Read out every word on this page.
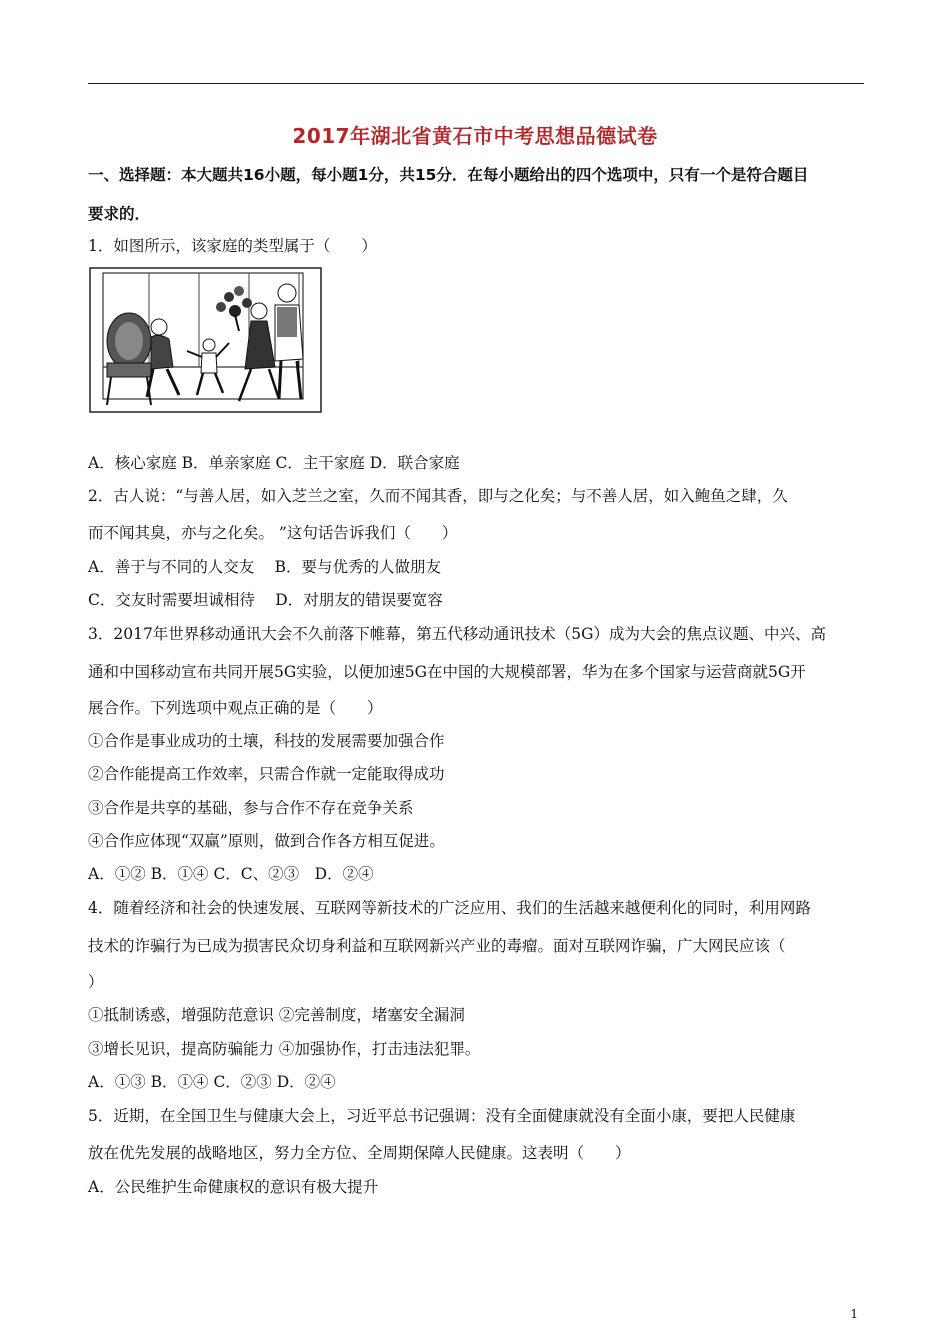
2017年湖北省黄石市中考思想品德试卷
一、选择题：本大题共16小题，每小题1分，共15分．在每小题给出的四个选项中，只有一个是符合题目
要求的．
1．如图所示，该家庭的类型属于（　　）
A．核心家庭 B．单亲家庭 C．主干家庭 D．联合家庭
2．古人说：“与善人居，如入芝兰之室，久而不闻其香，即与之化矣；与不善人居，如入鲍鱼之肆，久
而不闻其臭，亦与之化矣。 ”这句话告诉我们（　　）
A．善于与不同的人交友　 B．要与优秀的人做朋友
C．交友时需要坦诚相待　 D．对朋友的错误要宽容
3．2017年世界移动通讯大会不久前落下帷幕，第五代移动通讯技术（5G）成为大会的焦点议题、中兴、高
通和中国移动宣布共同开展5G实验，以便加速5G在中国的大规模部署，华为在多个国家与运营商就5G开
展合作。下列选项中观点正确的是（　　）
①合作是事业成功的土壤，科技的发展需要加强合作
②合作能提高工作效率，只需合作就一定能取得成功
③合作是共享的基础，参与合作不存在竞争关系
④合作应体现“双赢”原则，做到合作各方相互促进。
A．①② B．①④ C．C、②③　D．②④
4．随着经济和社会的快速发展、互联网等新技术的广泛应用、我们的生活越来越便利化的同时，利用网路
技术的诈骗行为已成为损害民众切身利益和互联网新兴产业的毒瘤。面对互联网诈骗，广大网民应该（
）
①抵制诱惑，增强防范意识 ②完善制度，堵塞安全漏洞
③增长见识，提高防骗能力 ④加强协作，打击违法犯罪。
A．①③ B．①④ C．②③ D．②④
5．近期，在全国卫生与健康大会上，习近平总书记强调：没有全面健康就没有全面小康，要把人民健康
放在优先发展的战略地区，努力全方位、全周期保障人民健康。这表明（　　）
A．公民维护生命健康权的意识有极大提升
1
